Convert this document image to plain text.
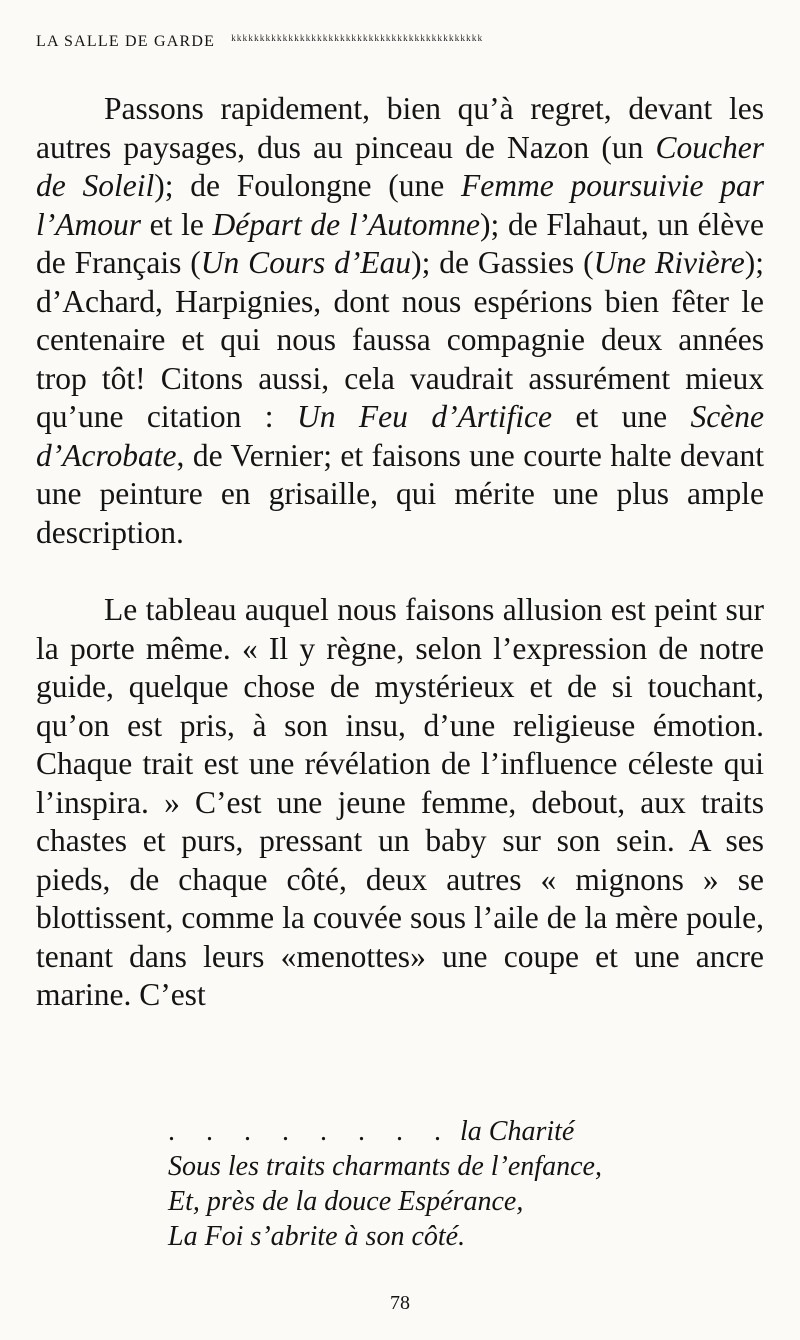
LA SALLE DE GARDE ᵏᵏᵏᵏᵏᵏᵏᵏᵏᵏᵏᵏᵏᵏᵏᵏᵏᵏᵏᵏᵏᵏᵏᵏᵏᵏᵏᵏᵏᵏᵏᵏᵏᵏᵏᵏᵏᵏᵏᵏᵏᵏᵏᵏ

Passons rapidement, bien qu’à regret, devant les autres paysages, dus au pinceau de Nazon (un Coucher de Soleil); de Foulongne (une Femme poursuivie par l’Amour et le Départ de l’Automne); de Flahaut, un élève de Français (Un Cours d’Eau); de Gassies (Une Rivière); d’Achard, Harpignies, dont nous espérions bien fêter le centenaire et qui nous faussa compagnie deux années trop tôt! Citons aussi, cela vaudrait assurément mieux qu’une citation : Un Feu d’Artifice et une Scène d’Acrobate, de Vernier; et faisons une courte halte devant une peinture en grisaille, qui mérite une plus ample description.

Le tableau auquel nous faisons allusion est peint sur la porte même. « Il y règne, selon l’expression de notre guide, quelque chose de mystérieux et de si touchant, qu’on est pris, à son insu, d’une religieuse émotion. Chaque trait est une révélation de l’influence céleste qui l’inspira. » C’est une jeune femme, debout, aux traits chastes et purs, pressant un baby sur son sein. A ses pieds, de chaque côté, deux autres « mignons » se blottissent, comme la couvée sous l’aile de la mère poule, tenant dans leurs «menottes» une coupe et une ancre marine. C’est

. . . . . . . . la Charité
Sous les traits charmants de l’enfance,
Et, près de la douce Espérance,
La Foi s’abrite à son côté.
78
